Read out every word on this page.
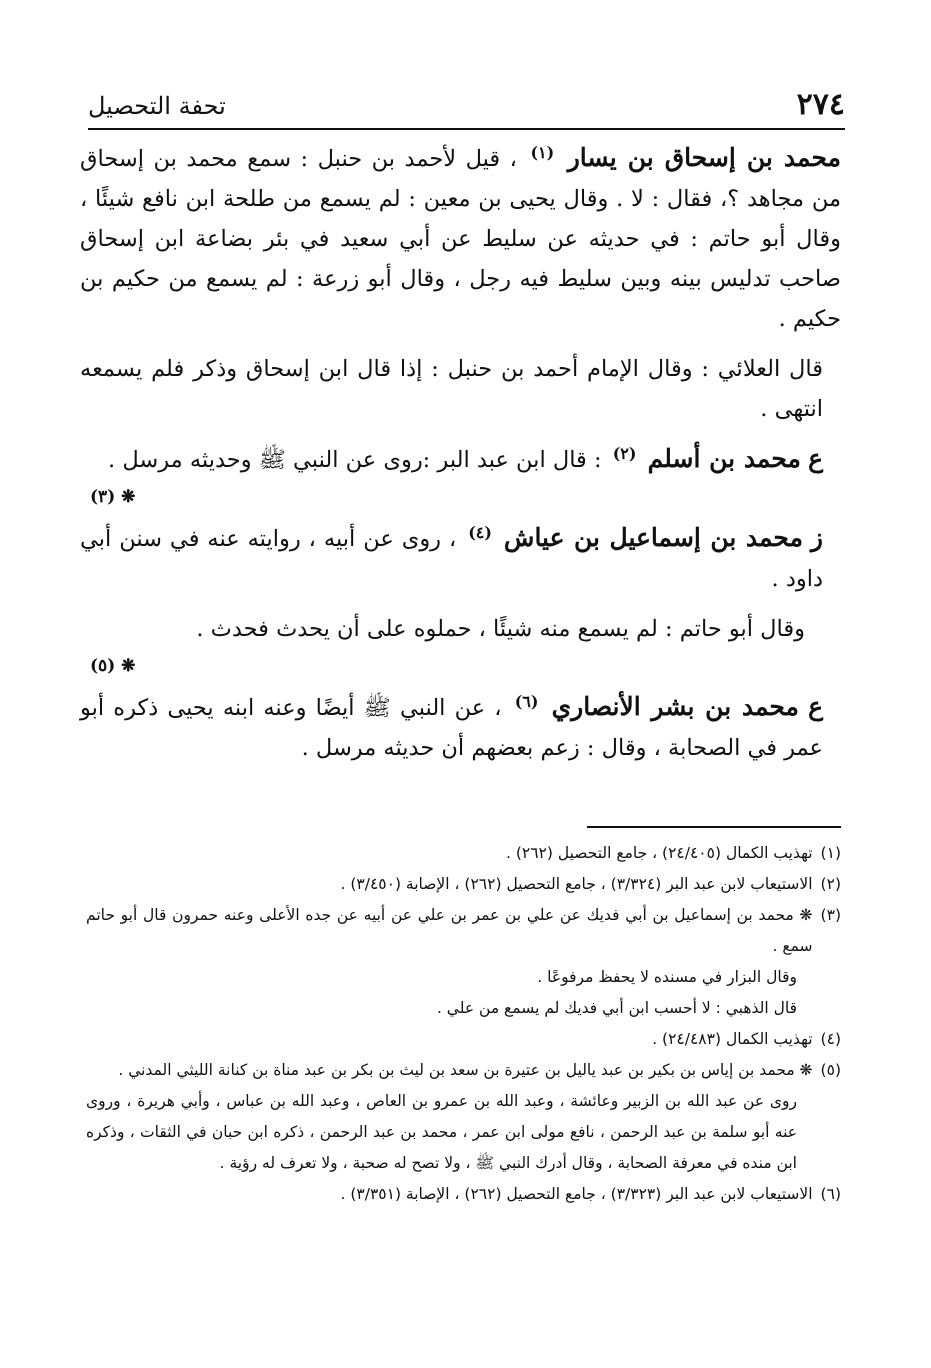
٢٧٤
تحفة التحصيل

محمد بن إسحاق بن يسار $^{(١)}$ ، قيل لأحمد بن حنبل : سمع محمد بن إسحاق من مجاهد ؟، فقال : لا . وقال يحيى بن معين : لم يسمع من طلحة ابن نافع شيئًا ، وقال أبو حاتم : في حديثه عن سليط عن أبي سعيد في بئر بضاعة ابن إسحاق صاحب تدليس بينه وبين سليط فيه رجل ، وقال أبو زرعة : لم يسمع من حكيم بن حكيم .

قال العلائي : وقال الإمام أحمد بن حنبل : إذا قال ابن إسحاق وذكر فلم يسمعه انتهى .

ع محمد بن أسلم $^{(٢)}$ : قال ابن عبد البر :روى عن النبي ﷺ وحديثه مرسل .

❋ (٣)

ز محمد بن إسماعيل بن عياش $^{(٤)}$ ، روى عن أبيه ، روايته عنه في سنن أبي داود .

وقال أبو حاتم : لم يسمع منه شيئًا ، حملوه على أن يحدث فحدث .

❋ (٥)

ع محمد بن بشر الأنصاري $^{(٦)}$ ، عن النبي ﷺ أيضًا وعنه ابنه يحيى ذكره أبو عمر في الصحابة ، وقال : زعم بعضهم أن حديثه مرسل .

(١)
تهذيب الكمال (٢٤/٤٠٥) ، جامع التحصيل (٢٦٢) .
(٢)
الاستيعاب لابن عبد البر (٣/٣٢٤) ، جامع التحصيل (٢٦٢) ، الإصابة (٣/٤٥٠) .
(٣)
❋ محمد بن إسماعيل بن أبي فديك عن علي بن عمر بن علي عن أبيه عن جده الأعلى وعنه حمرون قال أبو حاتم سمع .
وقال البزار في مسنده لا يحفظ مرفوعًا .
قال الذهبي : لا أحسب ابن أبي فديك لم يسمع من علي .
(٤)
تهذيب الكمال (٢٤/٤٨٣) .
(٥)
❋ محمد بن إياس بن بكير بن عبد ياليل بن عتيرة بن سعد بن ليث بن بكر بن عبد مناة بن كنانة الليثي المدني .
روى عن عبد الله بن الزبير وعائشة ، وعبد الله بن عمرو بن العاص ، وعبد الله بن عباس ، وأبي هريرة ، وروى عنه أبو سلمة بن عبد الرحمن ، نافع مولى ابن عمر ، محمد بن عبد الرحمن ، ذكره ابن حبان في الثقات ، وذكره ابن منده في معرفة الصحابة ، وقال أدرك النبي ﷺ ، ولا تصح له صحبة ، ولا تعرف له رؤية .
(٦)
الاستيعاب لابن عبد البر (٣/٣٢٣) ، جامع التحصيل (٢٦٢) ، الإصابة (٣/٣٥١) .
